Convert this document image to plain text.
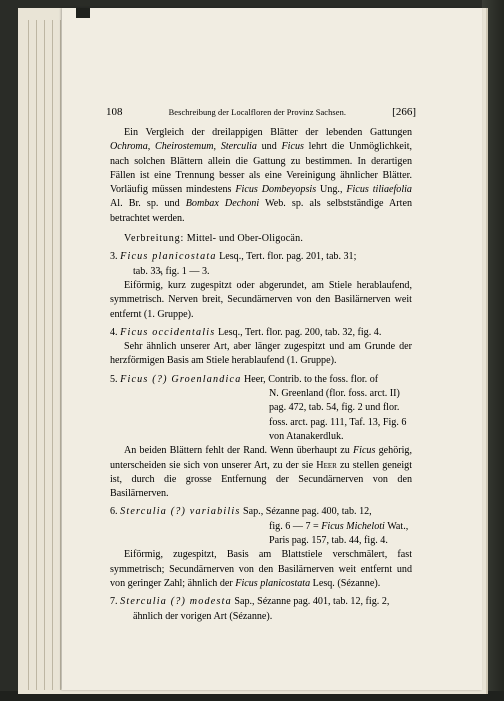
108	Beschreibung der Localfloren der Provinz Sachsen.	[266]

Ein Vergleich der dreilappigen Blätter der lebenden Gattungen Ochroma, Cheirostemum, Sterculia und Ficus lehrt die Unmöglichkeit, nach solchen Blättern allein die Gattung zu bestimmen. In derartigen Fällen ist eine Trennung besser als eine Vereinigung ähnlicher Blätter. Vorläufig müssen mindestens Ficus Dombeyopsis Ung., Ficus tiliaefolia Al. Br. sp. und Bombax Dechoni Web. sp. als selbstständige Arten betrachtet werden.

Verbreitung: Mittel- und Ober-Oligocän.

3. Ficus planicostata Lesq., Tert. flor. pag. 201, tab. 31;

tab. 33, fig. 1 — 3.

Eiförmig, kurz zugespitzt oder abgerundet, am Stiele herablaufend, symmetrisch. Nerven breit, Secundärnerven von den Basilärnerven weit entfernt (1. Gruppe).

4. Ficus occidentalis Lesq., Tert. flor. pag. 200, tab. 32, fig. 4.

Sehr ähnlich unserer Art, aber länger zugespitzt und am Grunde der herzförmigen Basis am Stiele herablaufend (1. Gruppe).

5. Ficus (?) Groenlandica Heer, Contrib. to the foss. flor. of

N. Greenland (flor. foss. arct. II)

pag. 472, tab. 54, fig. 2 und flor.

foss. arct. pag. 111, Taf. 13, Fig. 6

von Atanakerdluk.

An beiden Blättern fehlt der Rand. Wenn überhaupt zu Ficus gehörig, unterscheiden sie sich von unserer Art, zu der sie Heer zu stellen geneigt ist, durch die grosse Entfernung der Secundärnerven von den Basilärnerven.

6. Sterculia (?) variabilis Sap., Sézanne pag. 400, tab. 12,

fig. 6 — 7 = Ficus Micheloti Wat.,

Paris pag. 157, tab. 44, fig. 4.

Eiförmig, zugespitzt, Basis am Blattstiele verschmälert, fast symmetrisch; Secundärnerven von den Basilärnerven weit entfernt und von geringer Zahl; ähnlich der Ficus planicostata Lesq. (Sézanne).

7. Sterculia (?) modesta Sap., Sézanne pag. 401, tab. 12, fig. 2,

ähnlich der vorigen Art (Sézanne).
